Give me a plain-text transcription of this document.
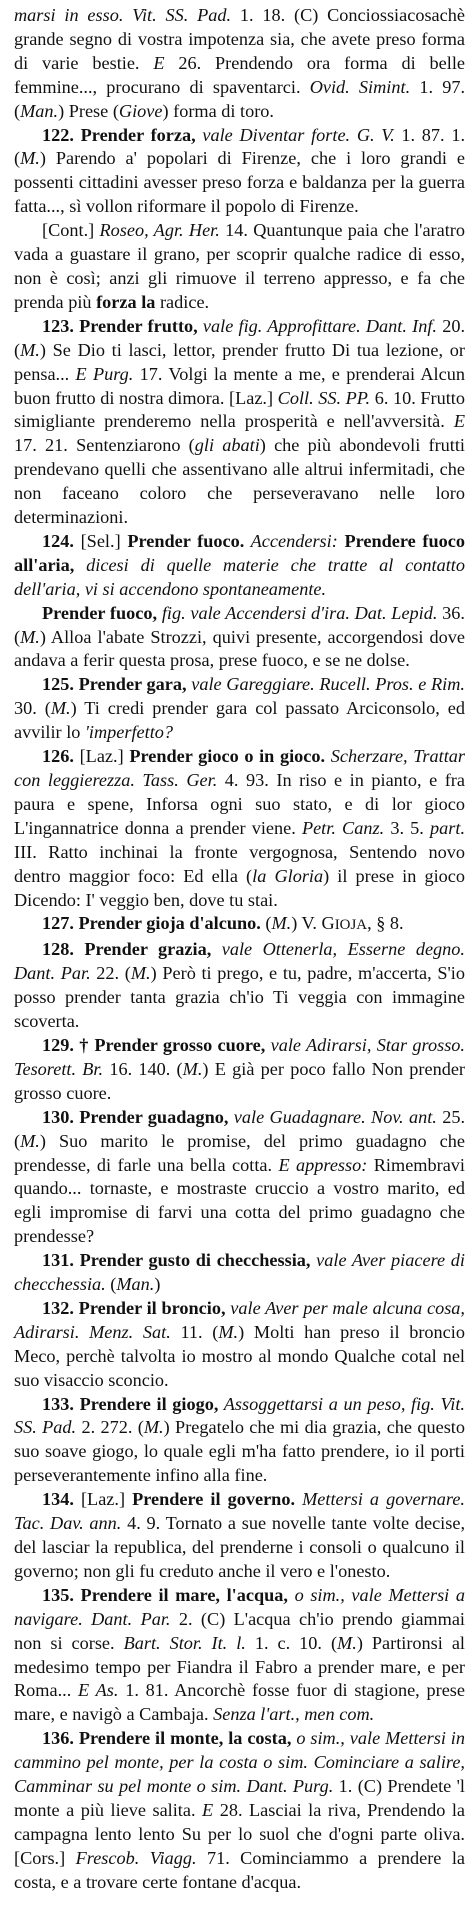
marsi in esso. Vit. SS. Pad. 1. 18. (C) Conciossiacosachè grande segno di vostra impotenza sia, che avete preso forma di varie bestie. E 26. Prendendo ora forma di belle femmine..., procurano di spaventarci. Ovid. Simint. 1. 97. (Man.) Prese (Giove) forma di toro.

122. Prender forza, vale Diventar forte. G. V. 1. 87. 1. (M.) Parendo a' popolari di Firenze, che i loro grandi e possenti cittadini avesser preso forza e baldanza per la guerra fatta..., sì vollon riformare il popolo di Firenze.

[Cont.] Roseo, Agr. Her. 14. Quantunque paia che l'aratro vada a guastare il grano, per scoprir qualche radice di esso, non è così; anzi gli rimuove il terreno appresso, e fa che prenda più forza la radice.

123. Prender frutto, vale fig. Approfittare. Dant. Inf. 20. (M.) Se Dio ti lasci, lettor, prender frutto Di tua lezione, or pensa... E Purg. 17. Volgi la mente a me, e prenderai Alcun buon frutto di nostra dimora. [Laz.] Coll. SS. PP. 6. 10. Frutto simigliante prenderemo nella prosperità e nell'avversità. E 17. 21. Sentenziarono (gli abati) che più abondevoli frutti prendevano quelli che assentivano alle altrui infermitadi, che non faceano coloro che perseveravano nelle loro determinazioni.

124. [Sel.] Prender fuoco. Accendersi: Prendere fuoco all'aria, dicesi di quelle materie che tratte al contatto dell'aria, vi si accendono spontaneamente.

Prender fuoco, fig. vale Accendersi d'ira. Dat. Lepid. 36. (M.) Alloa l'abate Strozzi, quivi presente, accorgendosi dove andava a ferir questa prosa, prese fuoco, e se ne dolse.

125. Prender gara, vale Gareggiare. Rucell. Pros. e Rim. 30. (M.) Ti credi prender gara col passato Arciconsolo, ed avvilir lo 'imperfetto?

126. [Laz.] Prender gioco o in gioco. Scherzare, Trattar con leggierezza. Tass. Ger. 4. 93. In riso e in pianto, e fra paura e spene, Inforsa ogni suo stato, e di lor gioco L'ingannatrice donna a prender viene. Petr. Canz. 3. 5. part. III. Ratto inchinai la fronte vergognosa, Sentendo novo dentro maggior foco: Ed ella (la Gloria) il prese in gioco Dicendo: I' veggio ben, dove tu stai.

127. Prender gioja d'alcuno. (M.) V. GIOJA, § 8.

128. Prender grazia, vale Ottenerla, Esserne degno. Dant. Par. 22. (M.) Però ti prego, e tu, padre, m'accerta, S'io posso prender tanta grazia ch'io Ti veggia con immagine scoverta.

129. † Prender grosso cuore, vale Adirarsi, Star grosso. Tesorett. Br. 16. 140. (M.) E già per poco fallo Non prender grosso cuore.

130. Prender guadagno, vale Guadagnare. Nov. ant. 25. (M.) Suo marito le promise, del primo guadagno che prendesse, di farle una bella cotta. E appresso: Rimembravi quando... tornaste, e mostraste cruccio a vostro marito, ed egli impromise di farvi una cotta del primo guadagno che prendesse?

131. Prender gusto di checchessia, vale Aver piacere di checchessia. (Man.)

132. Prender il broncio, vale Aver per male alcuna cosa, Adirarsi. Menz. Sat. 11. (M.) Molti han preso il broncio Meco, perchè talvolta io mostro al mondo Qualche cotal nel suo visaccio sconcio.

133. Prendere il giogo, Assoggettarsi a un peso, fig. Vit. SS. Pad. 2. 272. (M.) Pregatelo che mi dia grazia, che questo suo soave giogo, lo quale egli m'ha fatto prendere, io il porti perseverantemente infino alla fine.

134. [Laz.] Prendere il governo. Mettersi a governare. Tac. Dav. ann. 4. 9. Tornato a sue novelle tante volte decise, del lasciar la republica, del prenderne i consoli o qualcuno il governo; non gli fu creduto anche il vero e l'onesto.

135. Prendere il mare, l'acqua, o sim., vale Mettersi a navigare. Dant. Par. 2. (C) L'acqua ch'io prendo giammai non si corse. Bart. Stor. It. l. 1. c. 10. (M.) Partironsi al medesimo tempo per Fiandra il Fabro a prender mare, e per Roma... E As. 1. 81. Ancorchè fosse fuor di stagione, prese mare, e navigò a Cambaja. Senza l'art., men com.

136. Prendere il monte, la costa, o sim., vale Mettersi in cammino pel monte, per la costa o sim. Cominciare a salire, Camminar su pel monte o sim. Dant. Purg. 1. (C) Prendete 'l monte a più lieve salita. E 28. Lasciai la riva, Prendendo la campagna lento lento Su per lo suol che d'ogni parte oliva. [Cors.] Frescob. Viagg. 71. Cominciammo a prendere la costa, e a trovare certe fontane d'acqua.
